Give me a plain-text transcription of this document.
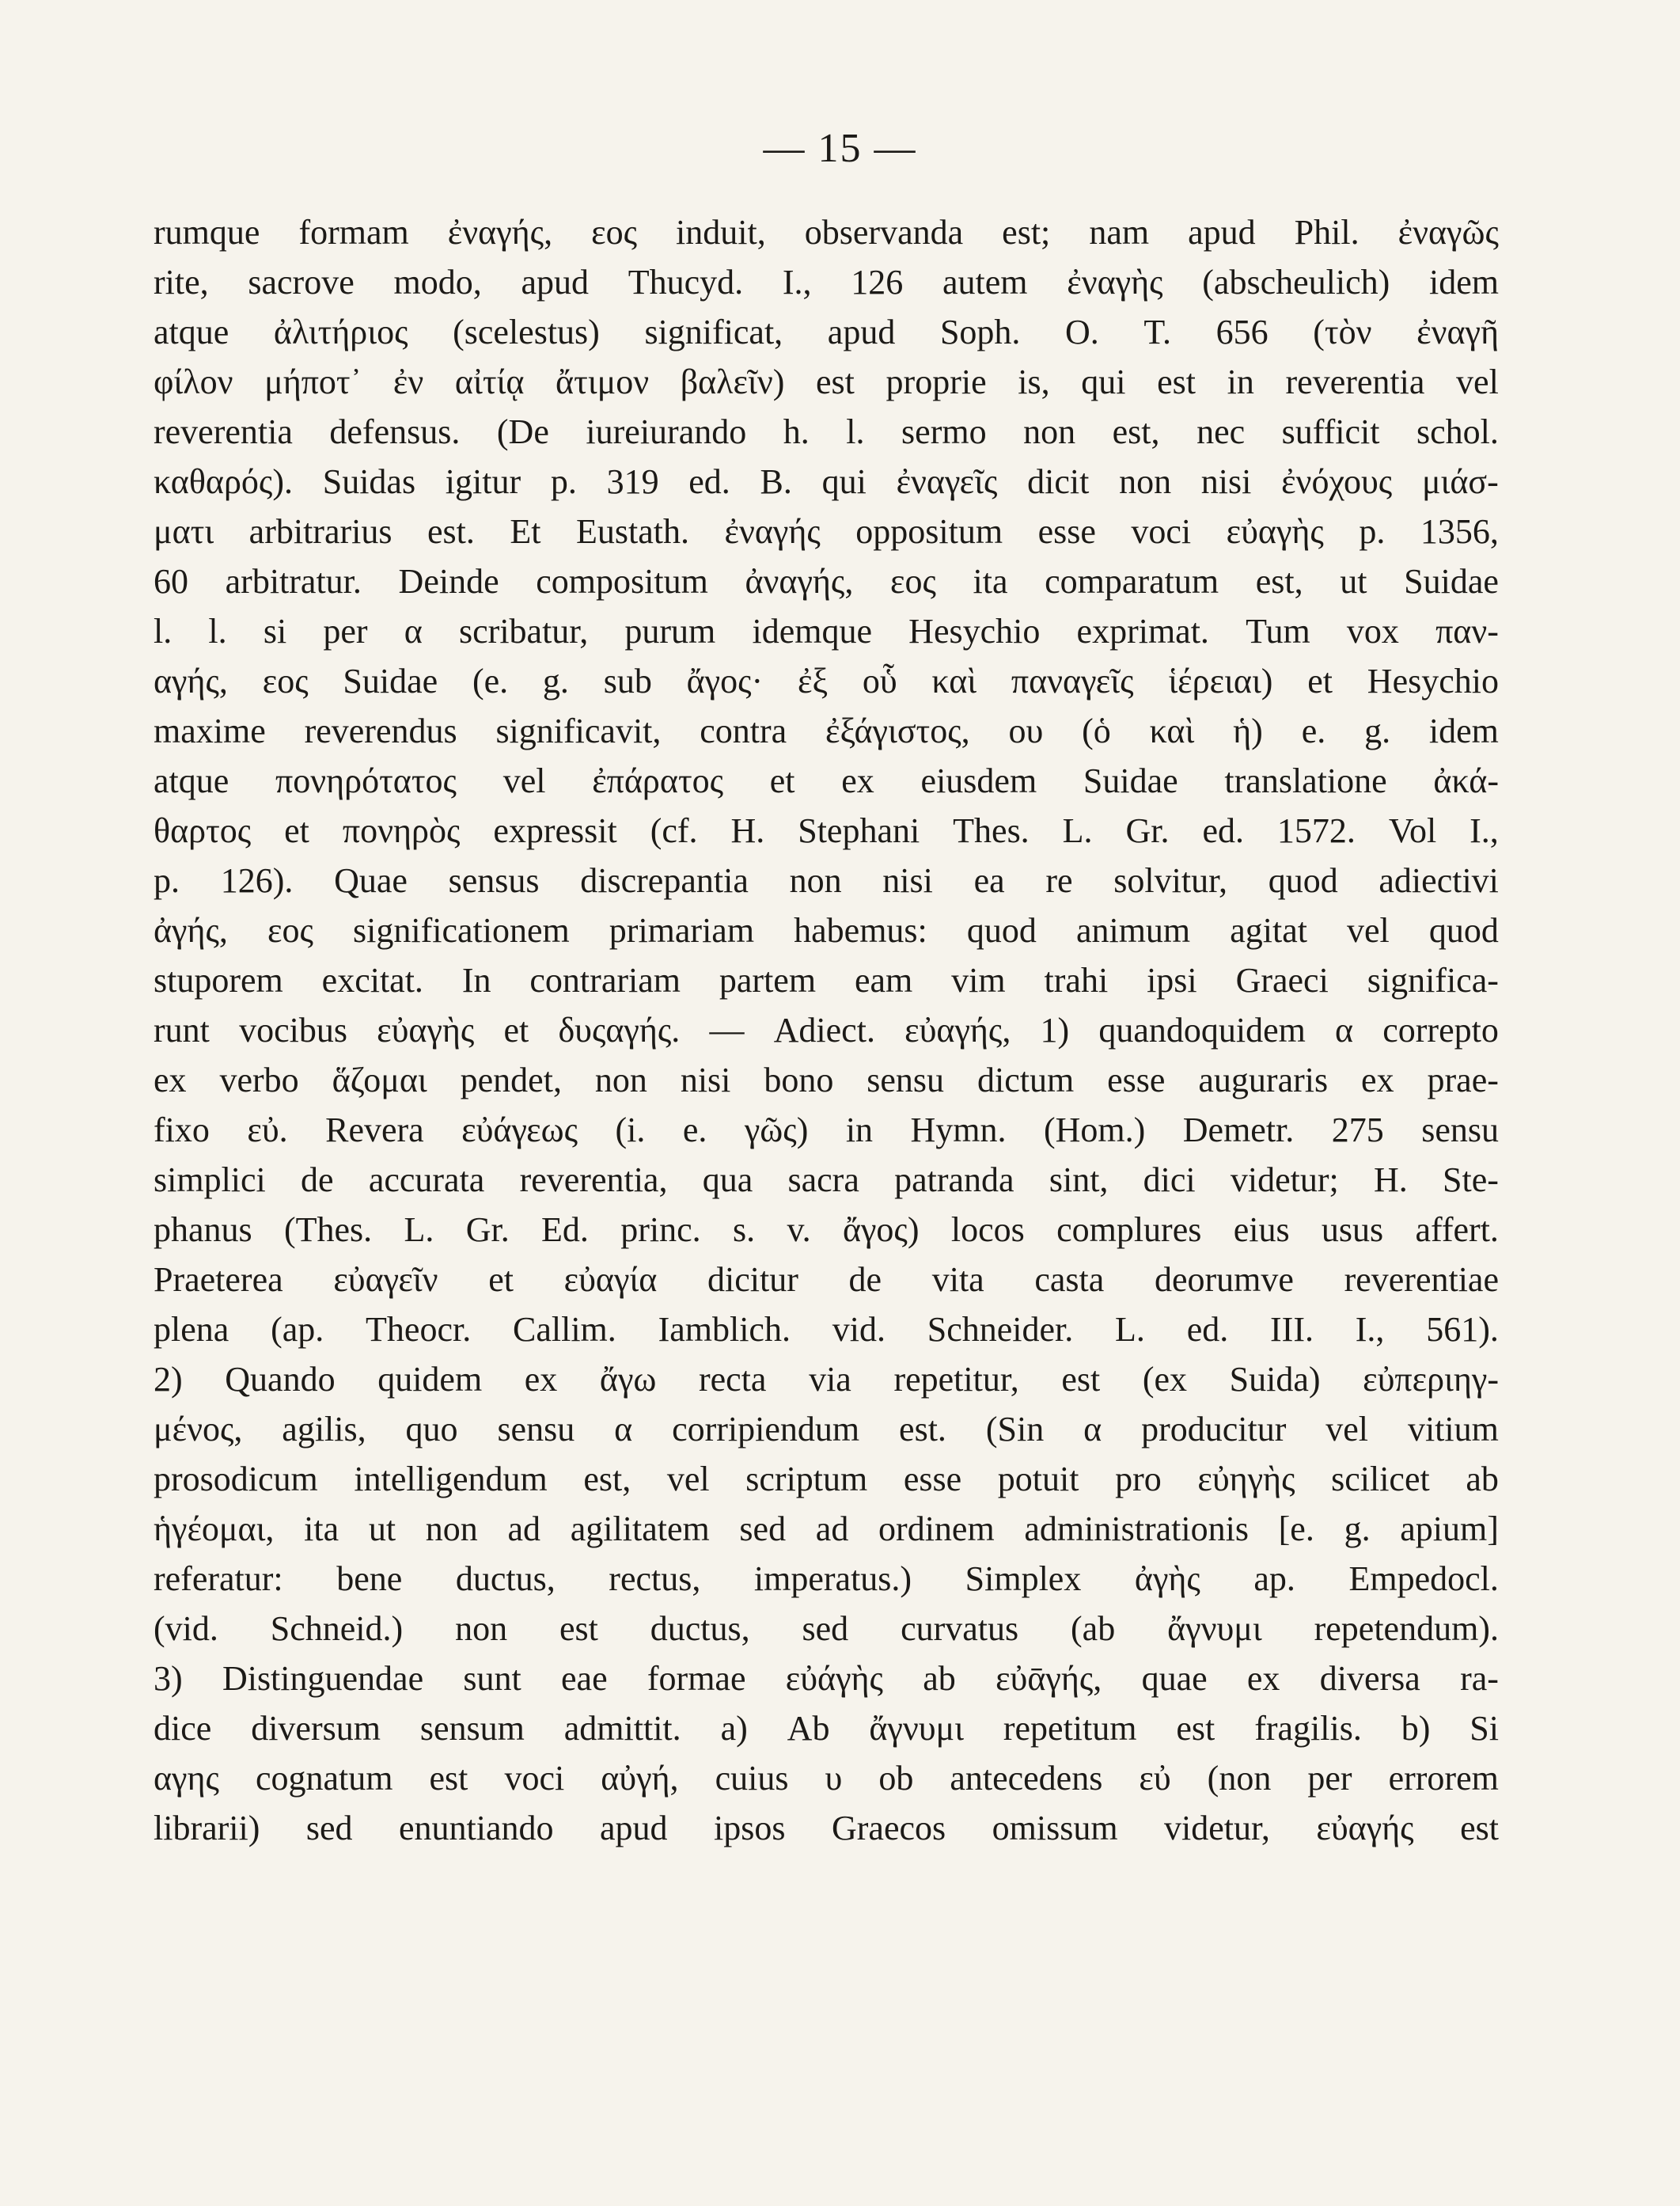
— 15 —
rumque formam ἐναγής, εος induit, observanda est; nam apud Phil. ἐναγῶς
rite, sacrove modo, apud Thucyd. I., 126 autem ἐναγὴς (abscheulich) idem
atque ἀλιτήριος (scelestus) significat, apud Soph. O. T. 656 (τὸν ἐναγῆ
φίλον μήποτ᾽ ἐν αἰτίᾳ ἄτιμον βαλεῖν) est proprie is, qui est in reverentia vel
reverentia defensus. (De iureiurando h. l. sermo non est, nec sufficit schol.
καθαρός). Suidas igitur p. 319 ed. B. qui ἐναγεῖς dicit non nisi ἐνόχους μιάσ-
ματι arbitrarius est. Et Eustath. ἐναγής oppositum esse voci εὐαγὴς p. 1356,
60 arbitratur. Deinde compositum ἀναγής, εος ita comparatum est, ut Suidae
l. l. si per α scribatur, purum idemque Hesychio exprimat. Tum vox παν-
αγής, εος Suidae (e. g. sub ἄγος· ἐξ οὗ καὶ παναγεῖς ἱέρειαι) et Hesychio
maxime reverendus significavit, contra ἐξάγιστος, ου (ὁ καὶ ἡ) e. g. idem
atque πονηρότατος vel ἐπάρατος et ex eiusdem Suidae translatione ἀκά-
θαρτος et πονηρὸς expressit (cf. H. Stephani Thes. L. Gr. ed. 1572. Vol I.,
p. 126). Quae sensus discrepantia non nisi ea re solvitur, quod adiectivi
ἀγής, εος significationem primariam habemus: quod animum agitat vel quod
stuporem excitat. In contrariam partem eam vim trahi ipsi Graeci significa-
runt vocibus εὐαγὴς et δυςαγής. — Adiect. εὐαγής, 1) quandoquidem α correpto
ex verbo ἅζομαι pendet, non nisi bono sensu dictum esse auguraris ex prae-
fixo εὐ. Revera εὐάγεως (i. e. γῶς) in Hymn. (Hom.) Demetr. 275 sensu
simplici de accurata reverentia, qua sacra patranda sint, dici videtur; H. Ste-
phanus (Thes. L. Gr. Ed. princ. s. v. ἄγος) locos complures eius usus affert.
Praeterea εὐαγεῖν et εὐαγία dicitur de vita casta deorumve reverentiae
plena (ap. Theocr. Callim. Iamblich. vid. Schneider. L. ed. III. I., 561).
2) Quando quidem ex ἄγω recta via repetitur, est (ex Suida) εὐπεριηγ-
μένος, agilis, quo sensu α corripiendum est. (Sin α producitur vel vitium
prosodicum intelligendum est, vel scriptum esse potuit pro εὐηγὴς scilicet ab
ἡγέομαι, ita ut non ad agilitatem sed ad ordinem administrationis [e. g. apium]
referatur: bene ductus, rectus, imperatus.) Simplex ἀγὴς ap. Empedocl.
(vid. Schneid.) non est ductus, sed curvatus (ab ἄγνυμι repetendum).
3) Distinguendae sunt eae formae εὐάγὴς ab εὐᾱγής, quae ex diversa ra-
dice diversum sensum admittit. a) Ab ἄγνυμι repetitum est fragilis. b) Si
αγης cognatum est voci αὐγή, cuius υ ob antecedens εὐ (non per errorem
librarii) sed enuntiando apud ipsos Graecos omissum videtur, εὐαγής est
